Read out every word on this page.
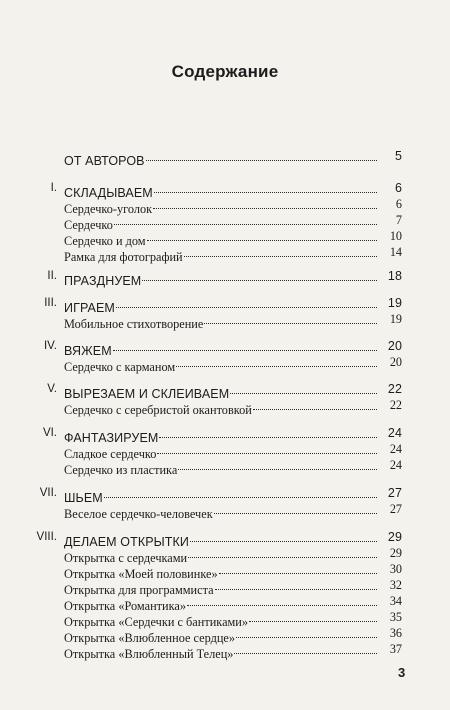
Содержание
ОТ АВТОРОВ	5
I. СКЛАДЫВАЕМ	6
Сердечко-уголок	6
Сердечко	7
Сердечко и дом	10
Рамка для фотографий	14
II. ПРАЗДНУЕМ	18
III. ИГРАЕМ	19
Мобильное стихотворение	19
IV. ВЯЖЕМ	20
Сердечко с карманом	20
V. ВЫРЕЗАЕМ И СКЛЕИВАЕМ	22
Сердечко с серебристой окантовкой	22
VI. ФАНТАЗИРУЕМ	24
Сладкое сердечко	24
Сердечко из пластика	24
VII. ШЬЕМ	27
Веселое сердечко-человечек	27
VIII. ДЕЛАЕМ ОТКРЫТКИ	29
Открытка с сердечками	29
Открытка «Моей половинке»	30
Открытка для программиста	32
Открытка «Романтика»	34
Открытка «Сердечки с бантиками»	35
Открытка «Влюбленное сердце»	36
Открытка «Влюбленный Телец»	37
3
